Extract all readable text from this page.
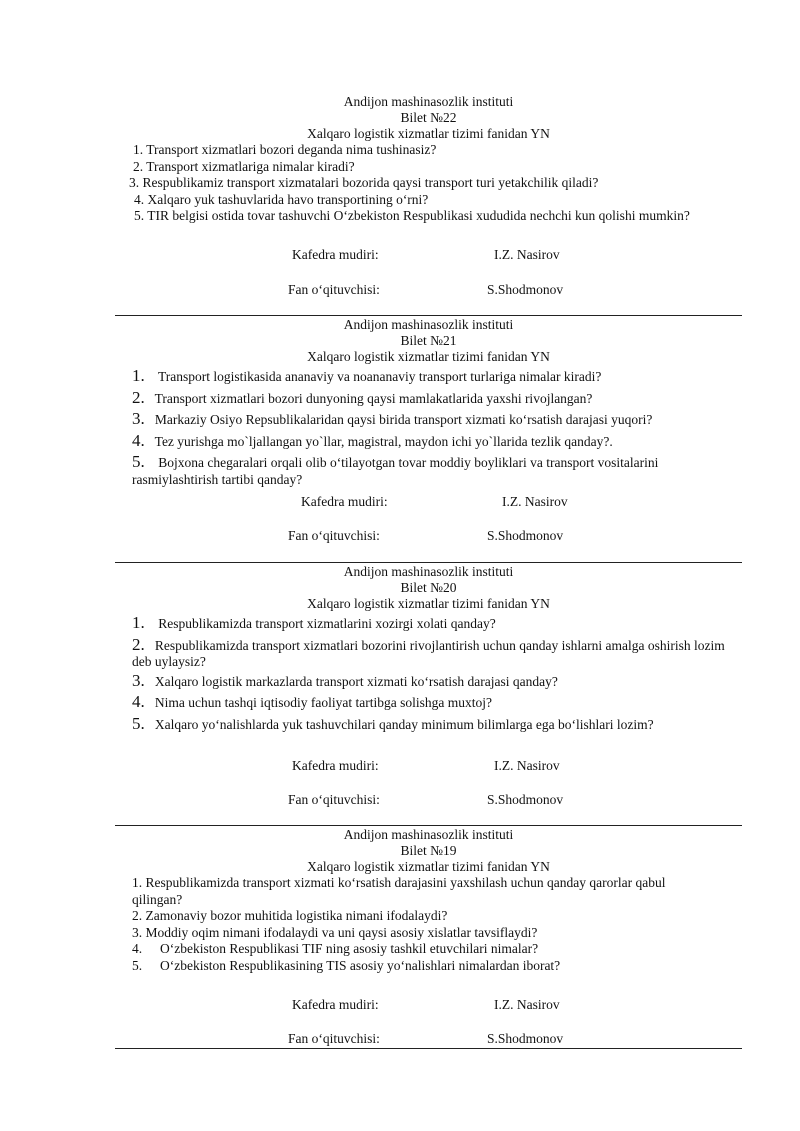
Andijon mashinasozlik instituti
Bilet №22
Xalqaro logistik xizmatlar tizimi fanidan YN
1. Transport xizmatlari bozori deganda nima tushinasiz?
2. Transport xizmatlariga nimalar kiradi?
3. Respublikamiz transport xizmatalari bozorida qaysi transport turi yetakchilik qiladi?
4. Xalqaro yuk tashuvlarida havo transportining o‘rni?
5. TIR belgisi ostida tovar tashuvchi O‘zbekiston Respublikasi xududida nechchi kun qolishi mumkin?
Kafedra mudiri:	I.Z. Nasirov
Fan o‘qituvchisi:	S.Shodmonov
Andijon mashinasozlik instituti
Bilet №21
Xalqaro logistik xizmatlar tizimi fanidan YN
1. Transport logistikasida ananaviy va noananaviy transport turlariga nimalar kiradi?
2. Transport xizmatlari bozori dunyoning qaysi mamlakatlarida yaxshi rivojlangan?
3. Markaziy Osiyo Repsublikalaridan qaysi birida transport xizmati ko‘rsatish darajasi yuqori?
4. Tez yurishga mo`ljallangan yo`llar, magistral, maydon ichi yo`llarida tezlik qanday?.
5. Bojxona chegaralari orqali olib o‘tilayotgan tovar moddiy boyliklari va transport vositalarini rasmiylashtirish tartibi qanday?
Kafedra mudiri:	I.Z. Nasirov
Fan o‘qituvchisi:	S.Shodmonov
Andijon mashinasozlik instituti
Bilet №20
Xalqaro logistik xizmatlar tizimi fanidan YN
1. Respublikamizda transport xizmatlarini xozirgi xolati qanday?
2. Respublikamizda transport xizmatlari bozorini rivojlantirish uchun qanday ishlarni amalga oshirish lozim deb uylaysiz?
3. Xalqaro logistik markazlarda transport xizmati ko‘rsatish darajasi qanday?
4. Nima uchun tashqi iqtisodiy faoliyat tartibga solishga muxtoj?
5. Xalqaro yo‘nalishlarda yuk tashuvchilari qanday minimum bilimlarga ega bo‘lishlari lozim?
Kafedra mudiri:	I.Z. Nasirov
Fan o‘qituvchisi:	S.Shodmonov
Andijon mashinasozlik instituti
Bilet №19
Xalqaro logistik xizmatlar tizimi fanidan YN
1. Respublikamizda transport xizmati ko‘rsatish darajasini yaxshilash uchun qanday qarorlar qabul qilingan?
2. Zamonaviy bozor muhitida logistika nimani ifodalaydi?
3. Moddiy oqim nimani ifodalaydi va uni qaysi asosiy xislatlar tavsiflaydi?
4. O‘zbekiston Respublikasi TIF ning asosiy tashkil etuvchilari nimalar?
5. O‘zbekiston Respublikasining TIS asosiy yo‘nalishlari nimalardan iborat?
Kafedra mudiri:	I.Z. Nasirov
Fan o‘qituvchisi:	S.Shodmonov
